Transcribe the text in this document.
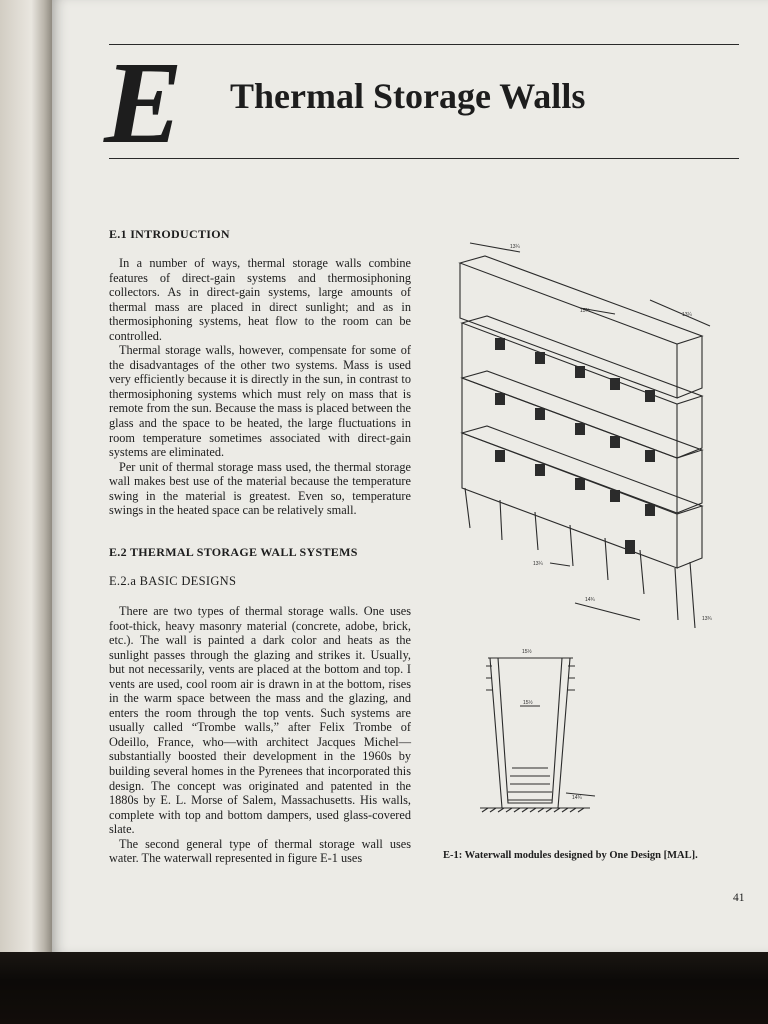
E Thermal Storage Walls
E.1 INTRODUCTION

In a number of ways, thermal storage walls combine features of direct-gain systems and thermosiphoning collectors. As in direct-gain systems, large amounts of thermal mass are placed in direct sunlight; and as in thermosiphoning systems, heat flow to the room can be controlled.

Thermal storage walls, however, compensate for some of the disadvantages of the other two systems. Mass is used very efficiently because it is directly in the sun, in contrast to thermosiphoning systems which must rely on mass that is remote from the sun. Because the mass is placed between the glass and the space to be heated, the large fluctuations in room temperature sometimes associated with direct-gain systems are eliminated.

Per unit of thermal storage mass used, the thermal storage wall makes best use of the material because the temperature swing in the material is greatest. Even so, temperature swings in the heated space can be relatively small.

E.2 THERMAL STORAGE WALL SYSTEMS
E.2.a BASIC DESIGNS

There are two types of thermal storage walls. One uses foot-thick, heavy masonry material (concrete, adobe, brick, etc.). The wall is painted a dark color and heats as the sunlight passes through the glazing and strikes it. Usually, but not necessarily, vents are placed at the bottom and top. I vents are used, cool room air is drawn in at the bottom, rises in the warm space between the mass and the glazing, and enters the room through the top vents. Such systems are usually called “Trombe walls,” after Felix Trombe of Odeillo, France, who—with architect Jacques Michel—substantially boosted their development in the 1960s by building several homes in the Pyrenees that incorporated this design. The concept was originated and patented in the 1880s by E. L. Morse of Salem, Massachusetts. His walls, complete with top and bottom dampers, used glass-covered slate.

The second general type of thermal storage wall uses water. The waterwall represented in figure E-1 uses

13¼
15¾
13¼
13¼
14¾
13¾
15½
15½
14¾
E-1: Waterwall modules designed by One Design [MAL].
41
